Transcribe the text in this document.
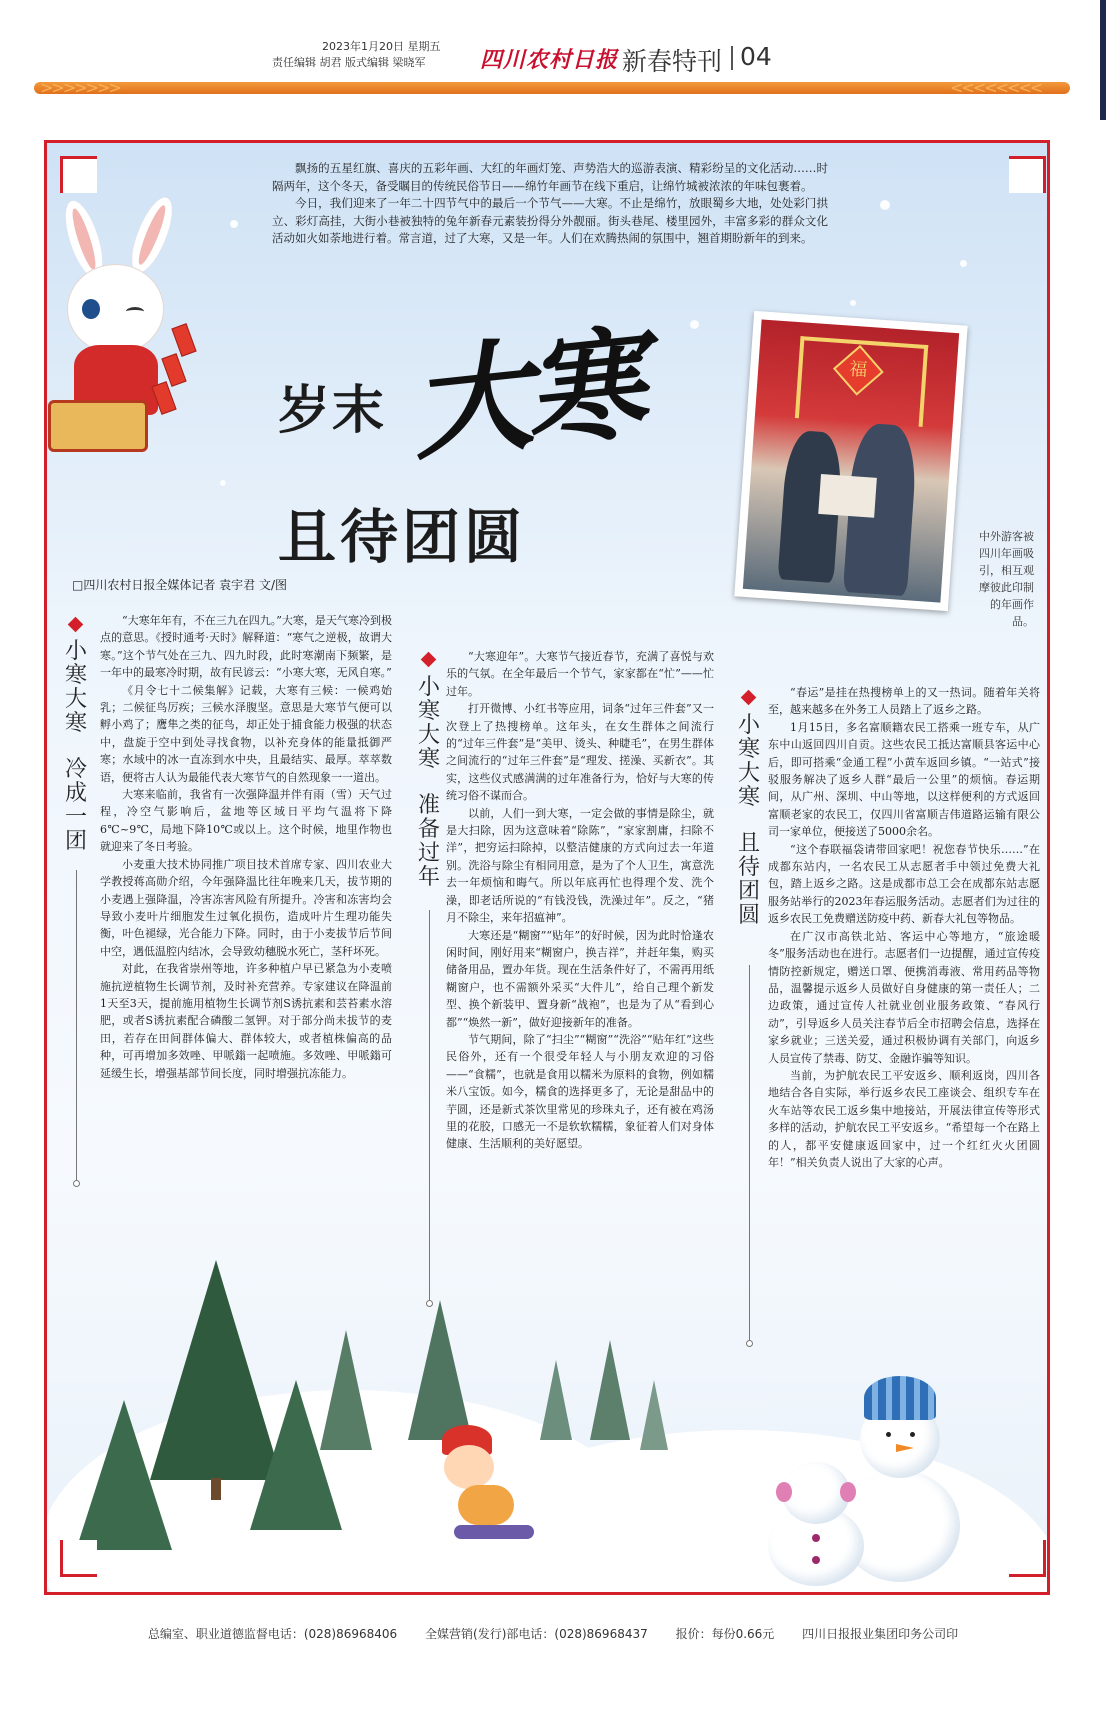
2023年1月20日 星期五
责任编辑 胡君 版式编辑 梁晓军 四川农村日报 新春特刊 04
>>>>>>>	<<<<<<<<

飘扬的五星红旗、喜庆的五彩年画、大红的年画灯笼、声势浩大的巡游表演、精彩纷呈的文化活动……时隔两年，这个冬天，备受瞩目的传统民俗节日——绵竹年画节在线下重启，让绵竹城被浓浓的年味包裹着。

今日，我们迎来了一年二十四节气中的最后一个节气——大寒。不止是绵竹，放眼蜀乡大地，处处彩门拱立、彩灯高挂，大街小巷被独特的兔年新春元素装扮得分外靓丽。街头巷尾、楼里园外，丰富多彩的群众文化活动如火如荼地进行着。常言道，过了大寒，又是一年。人们在欢腾热闹的氛围中，翘首期盼新年的到来。

岁末 大寒
且待团圆
□四川农村日报全媒体记者 袁宇君 文/图
福
中外游客被四川年画吸引，相互观摩彼此印制的年画作品。
小寒大寒
冷成一团

“大寒年年有，不在三九在四九。”大寒，是天气寒冷到极点的意思。《授时通考·天时》解释道：“寒气之逆极，故谓大寒。”这个节气处在三九、四九时段，此时寒潮南下频繁，是一年中的最寒冷时期，故有民谚云：“小寒大寒，无风自寒。”

《月令七十二候集解》记载，大寒有三候：一候鸡始乳；二候征鸟厉疾；三候水泽腹坚。意思是大寒节气便可以孵小鸡了；鹰隼之类的征鸟，却正处于捕食能力极强的状态中，盘旋于空中到处寻找食物，以补充身体的能量抵御严寒；水域中的冰一直冻到水中央，且最结实、最厚。萃萃数语，便将古人认为最能代表大寒节气的自然现象一一道出。

大寒来临前，我省有一次强降温并伴有雨（雪）天气过程，冷空气影响后，盆地等区域日平均气温将下降6℃~9℃，局地下降10℃或以上。这个时候，地里作物也就迎来了冬日考验。

小麦重大技术协同推广项目技术首席专家、四川农业大学教授蒋高勋介绍，今年强降温比往年晚来几天，拔节期的小麦遇上强降温，冷害冻害风险有所提升。冷害和冻害均会导致小麦叶片细胞发生过氧化损伤，造成叶片生理功能失衡，叶色褪绿，光合能力下降。同时，由于小麦拔节后节间中空，遇低温腔内结冰，会导致幼穗脱水死亡，茎秆坏死。

对此，在我省崇州等地，许多种植户早已紧急为小麦喷施抗逆植物生长调节剂，及时补充营养。专家建议在降温前1天至3天，提前施用植物生长调节剂S诱抗素和芸苔素水溶肥，或者S诱抗素配合磷酸二氢钾。对于部分尚未拔节的麦田，若存在田间群体偏大、群体较大，或者植株偏高的品种，可再增加多效唑、甲哌鎓一起喷施。多效唑、甲哌鎓可延缓生长，增强基部节间长度，同时增强抗冻能力。

小寒大寒
准备过年

“大寒迎年”。大寒节气接近春节，充满了喜悦与欢乐的气氛。在全年最后一个节气，家家都在“忙”——忙过年。

打开微博、小红书等应用，词条“过年三件套”又一次登上了热搜榜单。这年头，在女生群体之间流行的“过年三件套”是“美甲、烫头、种睫毛”，在男生群体之间流行的“过年三件套”是“理发、搓澡、买新衣”。其实，这些仪式感满满的过年准备行为，恰好与大寒的传统习俗不谋而合。

以前，人们一到大寒，一定会做的事情是除尘，就是大扫除，因为这意味着“除陈”，“家家割庸，扫除不洋”，把穷运扫除掉，以整洁健康的方式向过去一年道别。洗浴与除尘有相同用意，是为了个人卫生，寓意洗去一年烦恼和晦气。所以年底再忙也得理个发、洗个澡，即老话所说的“有钱没钱，洗澡过年”。反之，“猪月不除尘，来年招瘟神”。

大寒还是“糊窗”“贴年”的好时候，因为此时恰逢农闲时间，刚好用来“糊窗户，换吉祥”，并赶年集，购买储备用品，置办年货。现在生活条件好了，不需再用纸糊窗户，也不需额外采买“大件儿”，给自己理个新发型、换个新装甲、置身新“战袍”，也是为了从“看到心都”“焕然一新”，做好迎接新年的准备。

节气期间，除了“扫尘”“糊窗”“洗浴”“贴年红”这些民俗外，还有一个很受年轻人与小朋友欢迎的习俗——“食糯”，也就是食用以糯米为原料的食物，例如糯米八宝饭。如今，糯食的选择更多了，无论是甜品中的芋圆，还是新式茶饮里常见的珍珠丸子，还有被在鸡汤里的花胶，口感无一不是软软糯糯，象征着人们对身体健康、生活顺利的美好愿望。

小寒大寒
且待团圆

“春运”是挂在热搜榜单上的又一热词。随着年关将至，越来越多在外务工人员踏上了返乡之路。

1月15日，多名富顺籍农民工搭乘一班专车，从广东中山返回四川自贡。这些农民工抵达富顺县客运中心后，即可搭乘“金通工程”小黄车返回乡镇。“一站式”接驳服务解决了返乡人群“最后一公里”的烦恼。春运期间，从广州、深圳、中山等地，以这样便利的方式返回富顺老家的农民工，仅四川省富顺吉伟道路运输有限公司一家单位，便接送了5000余名。

“这个春联福袋请带回家吧！祝您春节快乐……”在成都东站内，一名农民工从志愿者手中领过免费大礼包，踏上返乡之路。这是成都市总工会在成都东站志愿服务站举行的2023年春运服务活动。志愿者们为过往的返乡农民工免费赠送防疫中药、新春大礼包等物品。

在广汉市高铁北站、客运中心等地方，“旅途暖冬”服务活动也在进行。志愿者们一边提醒，通过宣传疫情防控新规定，赠送口罩、便携消毒液、常用药品等物品，温馨提示返乡人员做好自身健康的第一责任人；二边政策，通过宣传人社就业创业服务政策、“春风行动”，引导返乡人员关注春节后全市招聘会信息，选择在家乡就业；三送关爱，通过积极协调有关部门，向返乡人员宣传了禁毒、防艾、金融诈骗等知识。

当前，为护航农民工平安返乡、顺利返岗，四川各地结合各自实际，举行返乡农民工座谈会、组织专车在火车站等农民工返乡集中地接站，开展法律宣传等形式多样的活动，护航农民工平安返乡。“希望每一个在路上的人，都平安健康返回家中，过一个红红火火团圆年！”相关负责人说出了大家的心声。

总编室、职业道德监督电话：(028)86968406 全媒营销(发行)部电话：(028)86968437 报价：每份0.66元 四川日报报业集团印务公司印
